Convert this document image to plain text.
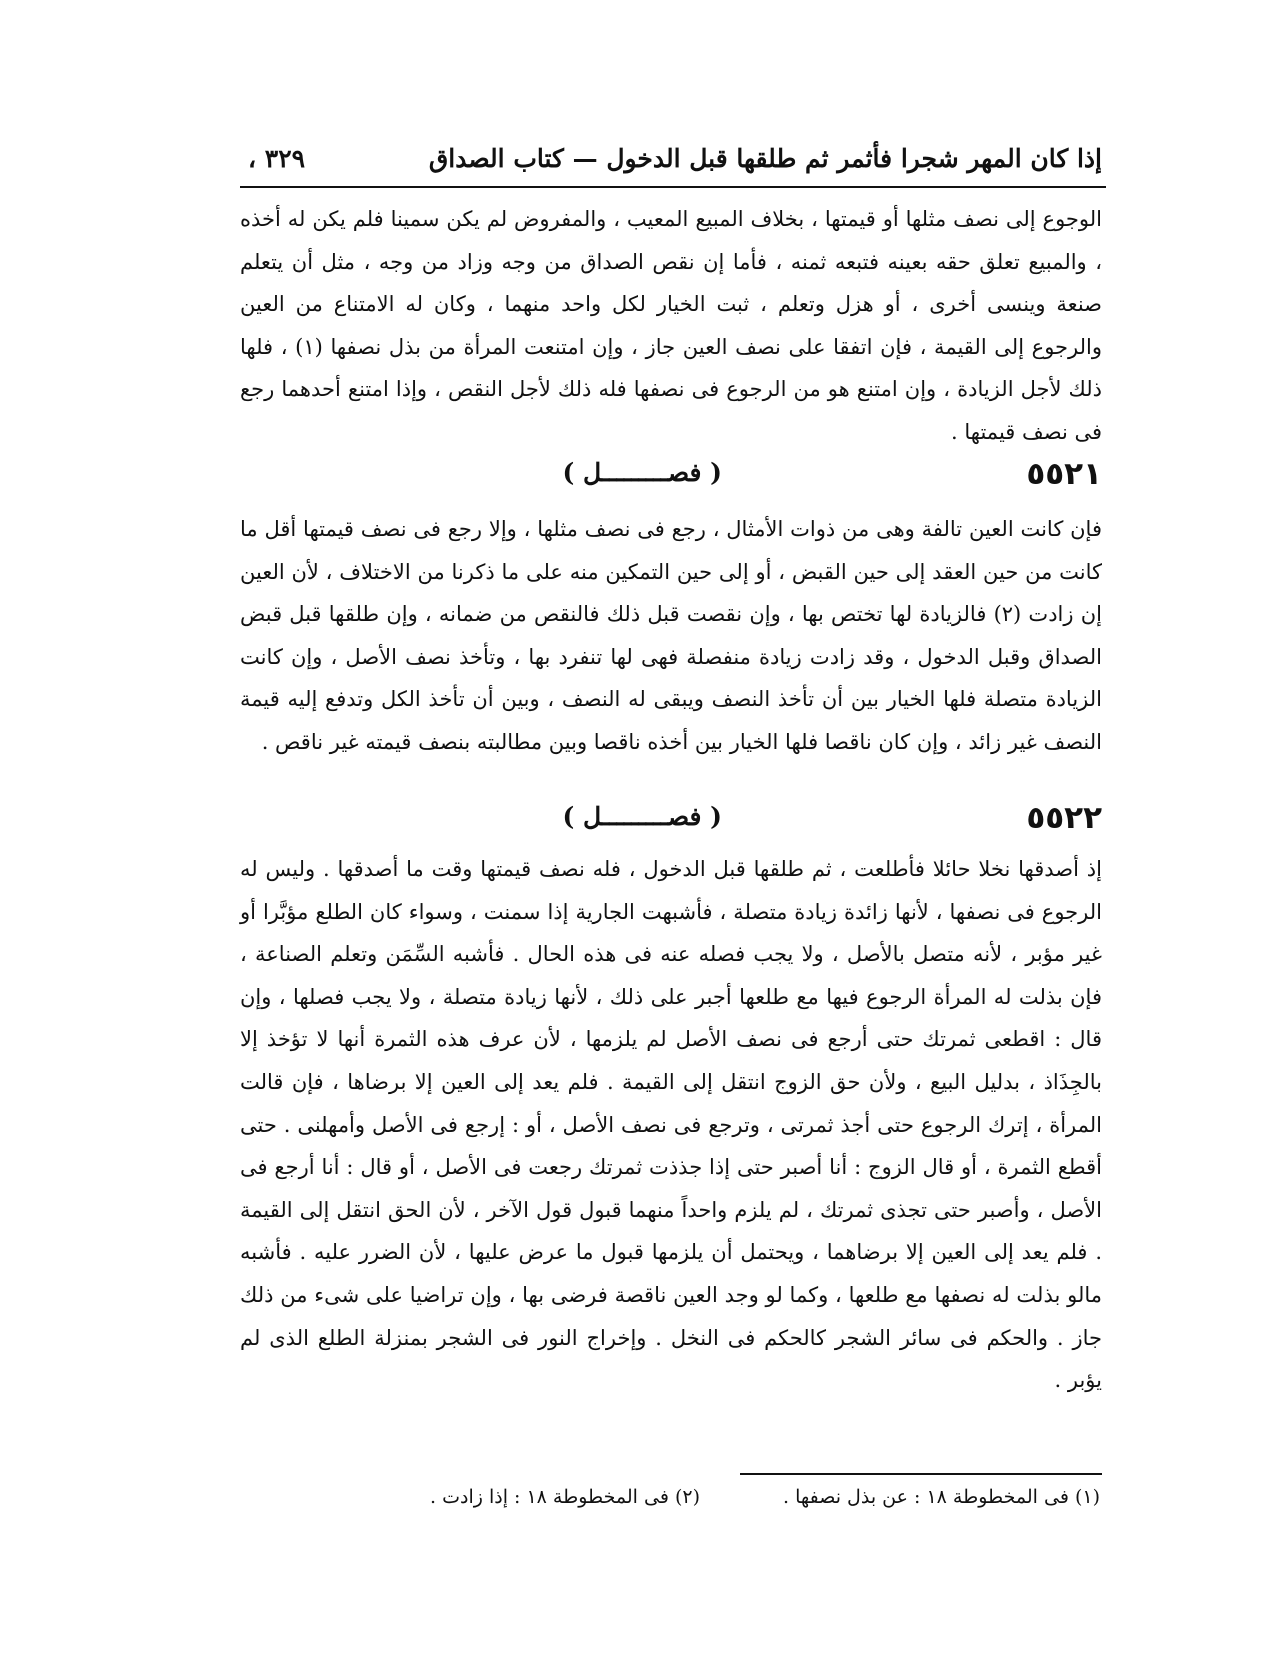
إذا كان المهر شجرا فأثمر ثم طلقها قبل الدخول — كتاب الصداق
٣٢٩ ،

الوجوع إلى نصف مثلها أو قيمتها ، بخلاف المبيع المعيب ، والمفروض لم يكن سمينا فلم يكن له أخذه ، والمبيع تعلق حقه بعينه فتبعه ثمنه ، فأما إن نقص الصداق من وجه وزاد من وجه ، مثل أن يتعلم صنعة وينسى أخرى ، أو هزل وتعلم ، ثبت الخيار لكل واحد منهما ، وكان له الامتناع من العين والرجوع إلى القيمة ، فإن اتفقا على نصف العين جاز ، وإن امتنعت المرأة من بذل نصفها (١) ، فلها ذلك لأجل الزيادة ، وإن امتنع هو من الرجوع فى نصفها فله ذلك لأجل النقص ، وإذا امتنع أحدهما رجع فى نصف قيمتها .

٥٥٢١
( فصـــــــــل )

فإن كانت العين تالفة وهى من ذوات الأمثال ، رجع فى نصف مثلها ، وإلا رجع فى نصف قيمتها أقل ما كانت من حين العقد إلى حين القبض ، أو إلى حين التمكين منه على ما ذكرنا من الاختلاف ، لأن العين إن زادت (٢) فالزيادة لها تختص بها ، وإن نقصت قبل ذلك فالنقص من ضمانه ، وإن طلقها قبل قبض الصداق وقبل الدخول ، وقد زادت زيادة منفصلة فهى لها تنفرد بها ، وتأخذ نصف الأصل ، وإن كانت الزيادة متصلة فلها الخيار بين أن تأخذ النصف ويبقى له النصف ، وبين أن تأخذ الكل وتدفع إليه قيمة النصف غير زائد ، وإن كان ناقصا فلها الخيار بين أخذه ناقصا وبين مطالبته بنصف قيمته غير ناقص .

٥٥٢٢
( فصـــــــــل )

إذ أصدقها نخلا حائلا فأطلعت ، ثم طلقها قبل الدخول ، فله نصف قيمتها وقت ما أصدقها . وليس له الرجوع فى نصفها ، لأنها زائدة زيادة متصلة ، فأشبهت الجارية إذا سمنت ، وسواء كان الطلع مؤبَّرا أو غير مؤبر ، لأنه متصل بالأصل ، ولا يجب فصله عنه فى هذه الحال . فأشبه السِّمَن وتعلم الصناعة ، فإن بذلت له المرأة الرجوع فيها مع طلعها أجبر على ذلك ، لأنها زيادة متصلة ، ولا يجب فصلها ، وإن قال : اقطعى ثمرتك حتى أرجع فى نصف الأصل لم يلزمها ، لأن عرف هذه الثمرة أنها لا تؤخذ إلا بالجِذَاذ ، بدليل البيع ، ولأن حق الزوج انتقل إلى القيمة . فلم يعد إلى العين إلا برضاها ، فإن قالت المرأة ، إترك الرجوع حتى أجذ ثمرتى ، وترجع فى نصف الأصل ، أو : إرجع فى الأصل وأمهلنى . حتى أقطع الثمرة ، أو قال الزوج : أنا أصبر حتى إذا جذذت ثمرتك رجعت فى الأصل ، أو قال : أنا أرجع فى الأصل ، وأصبر حتى تجذى ثمرتك ، لم يلزم واحداً منهما قبول قول الآخر ، لأن الحق انتقل إلى القيمة . فلم يعد إلى العين إلا برضاهما ، ويحتمل أن يلزمها قبول ما عرض عليها ، لأن الضرر عليه . فأشبه مالو بذلت له نصفها مع طلعها ، وكما لو وجد العين ناقصة فرضى بها ، وإن تراضيا على شىء من ذلك جاز . والحكم فى سائر الشجر كالحكم فى النخل . وإخراج النور فى الشجر بمنزلة الطلع الذى لم يؤبر .

(١) فى المخطوطة ١٨ : عن بذل نصفها .
(٢) فى المخطوطة ١٨ : إذا زادت .
